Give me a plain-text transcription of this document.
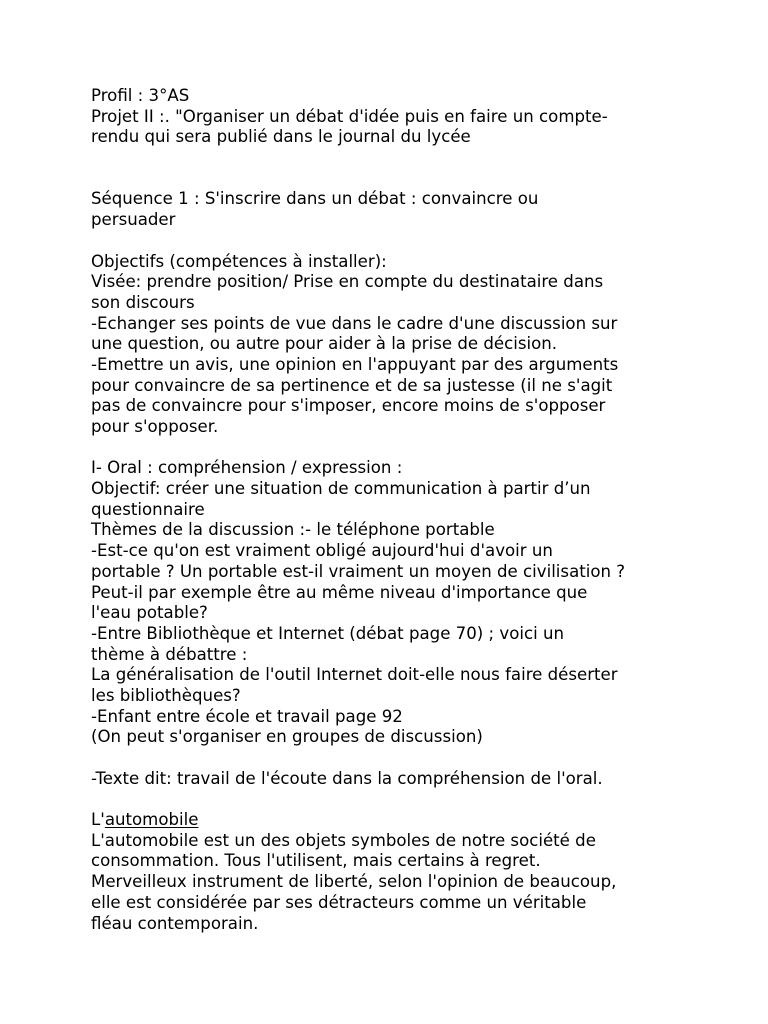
Profil : 3°AS
Projet II :. "Organiser un débat d'idée puis en faire un compte-
rendu qui sera publié dans le journal du lycée
Séquence 1 : S'inscrire dans un débat : convaincre ou
persuader
Objectifs (compétences à installer):
Visée: prendre position/ Prise en compte du destinataire dans
son discours
-Echanger ses points de vue dans le cadre d'une discussion sur
une question, ou autre pour aider à la prise de décision.
-Emettre un avis, une opinion en l'appuyant par des arguments
pour convaincre de sa pertinence et de sa justesse (il ne s'agit
pas de convaincre pour s'imposer, encore moins de s'opposer
pour s'opposer.
I- Oral : compréhension / expression :
Objectif: créer une situation de communication à partir d’un
questionnaire
Thèmes de la discussion :- le téléphone portable
-Est-ce qu'on est vraiment obligé aujourd'hui d'avoir un
portable ? Un portable est-il vraiment un moyen de civilisation ?
Peut-il par exemple être au même niveau d'importance que
l'eau potable?
-Entre Bibliothèque et Internet (débat page 70) ; voici un
thème à débattre :
La généralisation de l'outil Internet doit-elle nous faire déserter
les bibliothèques?
-Enfant entre école et travail page 92
(On peut s'organiser en groupes de discussion)
-Texte dit: travail de l'écoute dans la compréhension de l'oral.
L'automobile
L'automobile est un des objets symboles de notre société de
consommation. Tous l'utilisent, mais certains à regret.
Merveilleux instrument de liberté, selon l'opinion de beaucoup,
elle est considérée par ses détracteurs comme un véritable
fléau contemporain.
